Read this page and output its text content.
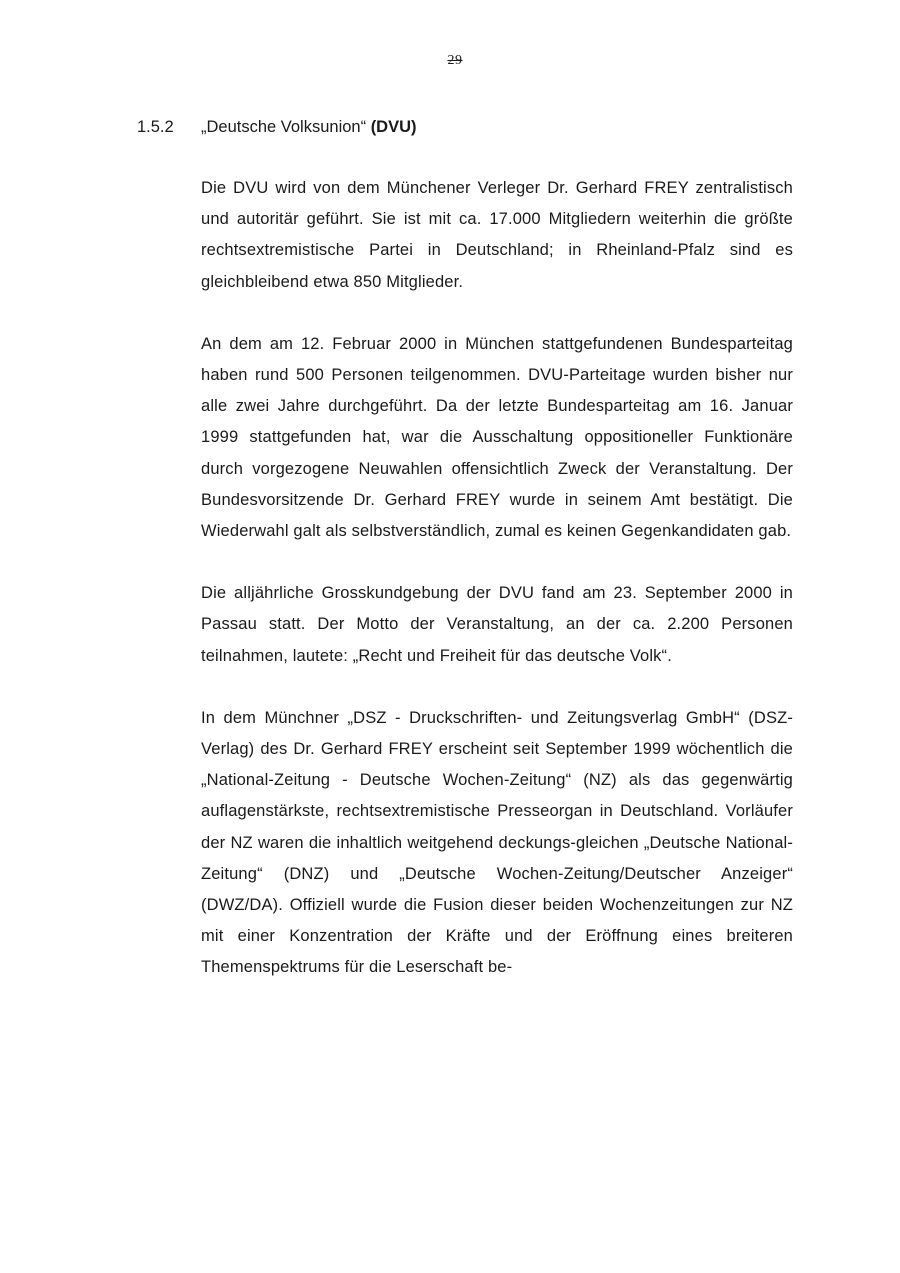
29
1.5.2 „Deutsche Volksunion“ (DVU)

Die DVU wird von dem Münchener Verleger Dr. Gerhard FREY zentralistisch und autoritär geführt. Sie ist mit ca. 17.000 Mitgliedern weiterhin die größte rechtsextremistische Partei in Deutschland; in Rheinland-Pfalz sind es gleichbleibend etwa 850 Mitglieder.

An dem am 12. Februar 2000 in München stattgefundenen Bundesparteitag haben rund 500 Personen teilgenommen. DVU-Parteitage wurden bisher nur alle zwei Jahre durchgeführt. Da der letzte Bundesparteitag am 16. Januar 1999 stattgefunden hat, war die Ausschaltung oppositioneller Funktionäre durch vorgezogene Neuwahlen offensichtlich Zweck der Veranstaltung. Der Bundesvorsitzende Dr. Gerhard FREY wurde in seinem Amt bestätigt. Die Wiederwahl galt als selbstverständlich, zumal es keinen Gegenkandidaten gab.

Die alljährliche Grosskundgebung der DVU fand am 23. September 2000 in Passau statt. Der Motto der Veranstaltung, an der ca. 2.200 Personen teilnahmen, lautete: „Recht und Freiheit für das deutsche Volk“.

In dem Münchner „DSZ - Druckschriften- und Zeitungsverlag GmbH“ (DSZ-Verlag) des Dr. Gerhard FREY erscheint seit September 1999 wöchentlich die „National-Zeitung - Deutsche Wochen-Zeitung“ (NZ) als das gegenwärtig auflagenstärkste, rechtsextremistische Presseorgan in Deutschland. Vorläufer der NZ waren die inhaltlich weitgehend deckungs-gleichen „Deutsche National-Zeitung“ (DNZ) und „Deutsche Wochen-Zeitung/Deutscher Anzeiger“ (DWZ/DA). Offiziell wurde die Fusion dieser beiden Wochenzeitungen zur NZ mit einer Konzentration der Kräfte und der Eröffnung eines breiteren Themenspektrums für die Leserschaft be-
